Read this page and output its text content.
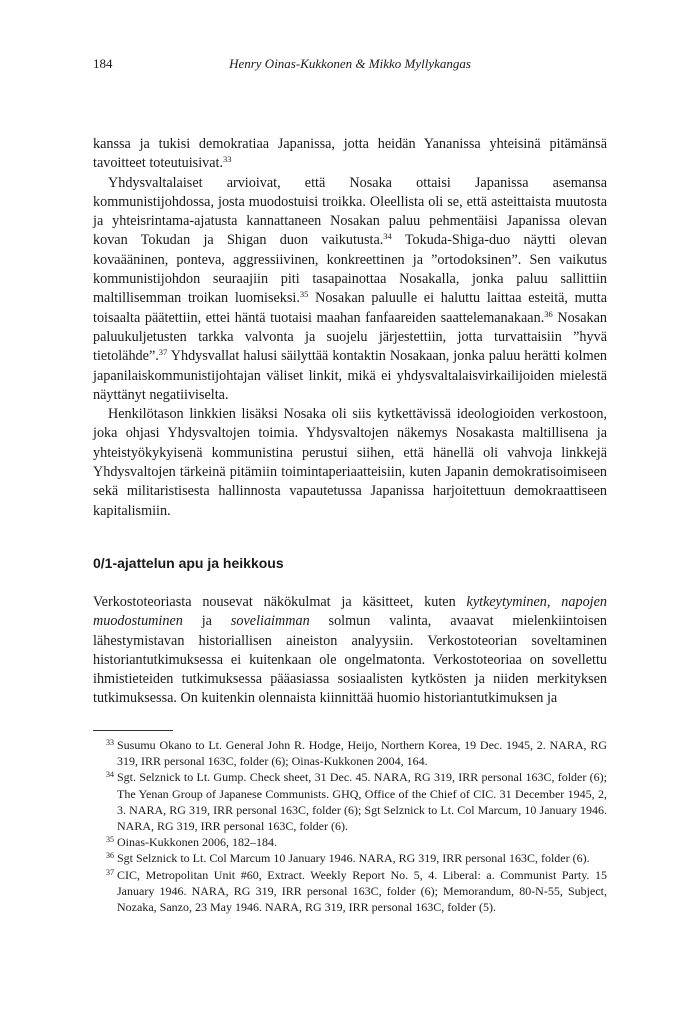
184	Henry Oinas-Kukkonen & Mikko Myllykangas

kanssa ja tukisi demokratiaa Japanissa, jotta heidän Yananissa yhteisinä pitämänsä tavoitteet toteutuisivat.$^{33}$

Yhdysvaltalaiset arvioivat, että Nosaka ottaisi Japanissa asemansa kommunistijohdossa, josta muodostuisi troikka. Oleellista oli se, että asteittaista muutosta ja yhteisrintama-ajatusta kannattaneen Nosakan paluu pehmentäisi Japanissa olevan kovan Tokudan ja Shigan duon vaikutusta.$^{34}$ Tokuda-Shiga-duo näytti olevan kovaääninen, ponteva, aggressiivinen, konkreettinen ja ”ortodoksinen”. Sen vaikutus kommunistijohdon seuraajiin piti tasapainottaa Nosakalla, jonka paluu sallittiin maltillisemman troikan luomiseksi.$^{35}$ Nosakan paluulle ei haluttu laittaa esteitä, mutta toisaalta päätettiin, ettei häntä tuotaisi maahan fanfaareiden saattelemanakaan.$^{36}$ Nosakan paluukuljetusten tarkka valvonta ja suojelu järjestettiin, jotta turvattaisiin ”hyvä tietolähde”.$^{37}$ Yhdysvallat halusi säilyttää kontaktin Nosakaan, jonka paluu herätti kolmen japanilaiskommunistijohtajan väliset linkit, mikä ei yhdysvaltalaisvirkailijoiden mielestä näyttänyt negatiiviselta.

Henkilötason linkkien lisäksi Nosaka oli siis kytkettävissä ideologioiden verkostoon, joka ohjasi Yhdysvaltojen toimia. Yhdysvaltojen näkemys Nosakasta maltillisena ja yhteistyökykyisenä kommunistina perustui siihen, että hänellä oli vahvoja linkkejä Yhdysvaltojen tärkeinä pitämiin toimintaperiaatteisiin, kuten Japanin demokratisoimiseen sekä militaristisesta hallinnosta vapautetussa Japanissa harjoitettuun demokraattiseen kapitalismiin.

0/1-ajattelun apu ja heikkous

Verkostoteoriasta nousevat näkökulmat ja käsitteet, kuten kytkeytyminen, napojen muodostuminen ja soveliaimman solmun valinta, avaavat mielenkiintoisen lähestymistavan historiallisen aineiston analyysiin. Verkostoteorian soveltaminen historiantutkimuksessa ei kuitenkaan ole ongelmatonta. Verkostoteoriaa on sovellettu ihmistieteiden tutkimuksessa pääasiassa sosiaalisten kytkösten ja niiden merkityksen tutkimuksessa. On kuitenkin olennaista kiinnittää huomio historiantutkimuksen ja

33 Susumu Okano to Lt. General John R. Hodge, Heijo, Northern Korea, 19 Dec. 1945, 2. NARA, RG 319, IRR personal 163C, folder (6); Oinas-Kukkonen 2004, 164.
34 Sgt. Selznick to Lt. Gump. Check sheet, 31 Dec. 45. NARA, RG 319, IRR personal 163C, folder (6); The Yenan Group of Japanese Communists. GHQ, Office of the Chief of CIC. 31 December 1945, 2, 3. NARA, RG 319, IRR personal 163C, folder (6); Sgt Selznick to Lt. Col Marcum, 10 January 1946. NARA, RG 319, IRR personal 163C, folder (6).
35 Oinas-Kukkonen 2006, 182–184.
36 Sgt Selznick to Lt. Col Marcum 10 January 1946. NARA, RG 319, IRR personal 163C, folder (6).
37 CIC, Metropolitan Unit #60, Extract. Weekly Report No. 5, 4. Liberal: a. Communist Party. 15 January 1946. NARA, RG 319, IRR personal 163C, folder (6); Memorandum, 80-N-55, Subject, Nozaka, Sanzo, 23 May 1946. NARA, RG 319, IRR personal 163C, folder (5).
